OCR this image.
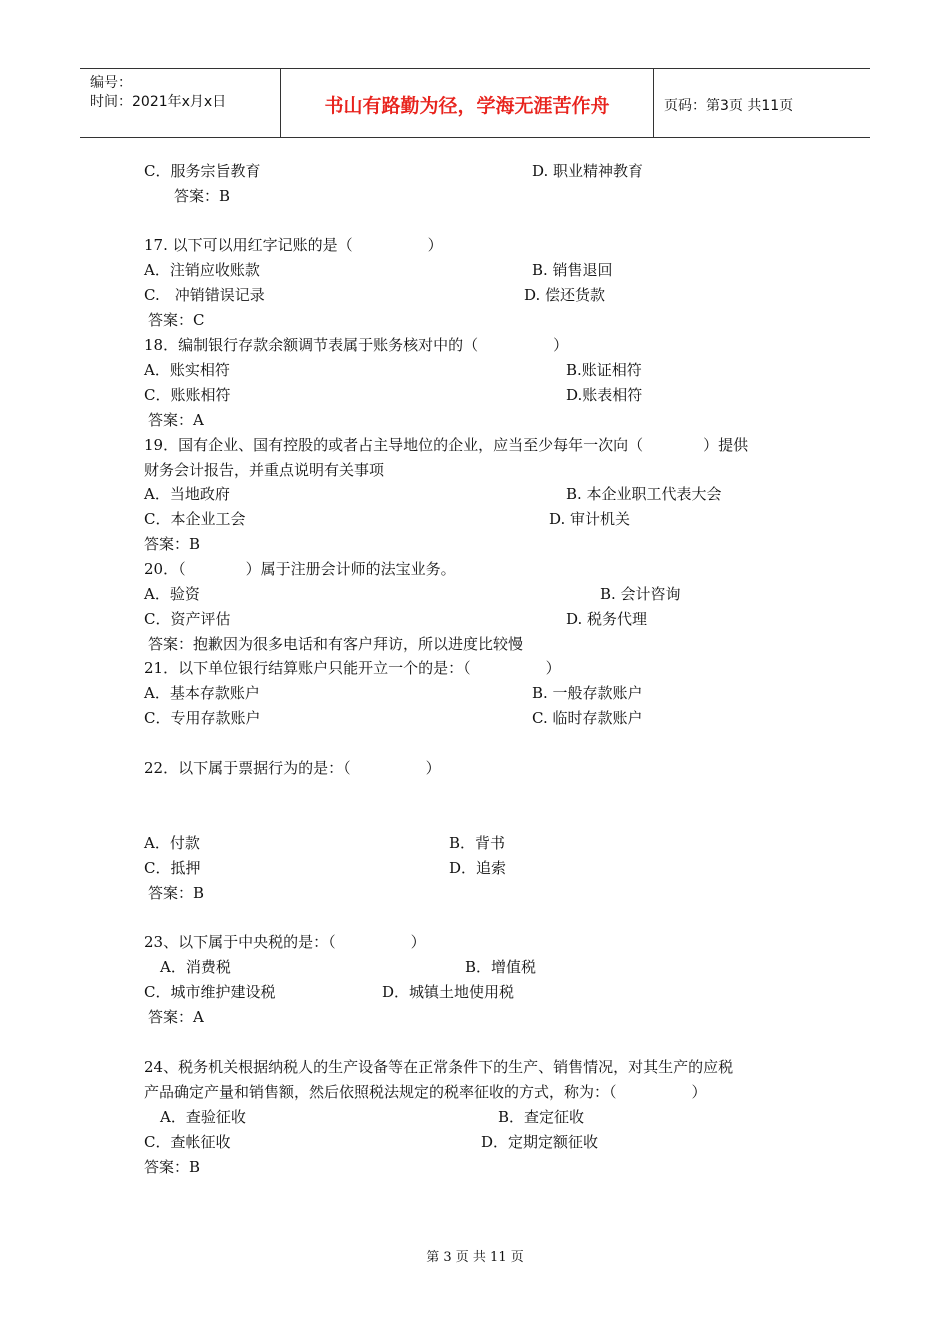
编号：
时间：2021年x月x日	书山有路勤为径，学海无涯苦作舟	页码：第3页 共11页
C．服务宗旨教育	D. 职业精神教育
答案：B
17. 以下可以用红字记账的是（　　　　　）
A．注销应收账款	B. 销售退回
C.　冲销错误记录	D. 偿还货款
答案：C
18．编制银行存款余额调节表属于账务核对中的（　　　　　）
A．账实相符	B.账证相符
C．账账相符	D.账表相符
答案：A
19．国有企业、国有控股的或者占主导地位的企业，应当至少每年一次向（　　　　）提供
财务会计报告，并重点说明有关事项
A．当地政府	B. 本企业职工代表大会
C．本企业工会	D. 审计机关
答案：B
20．（　　　　）属于注册会计师的法宝业务。
A．验资	B. 会计咨询
C．资产评估	D. 税务代理
答案：抱歉因为很多电话和有客户拜访，所以进度比较慢
21．以下单位银行结算账户只能开立一个的是：（　　　　　）
A．基本存款账户	B. 一般存款账户
C．专用存款账户	C. 临时存款账户
22．以下属于票据行为的是：（　　　　　）
A．付款	B．背书
C．抵押	D．追索
答案：B
23、以下属于中央税的是：（　　　　　）
A．消费税	B．增值税
C．城市维护建设税	D．城镇土地使用税
答案：A
24、税务机关根据纳税人的生产设备等在正常条件下的生产、销售情况，对其生产的应税
产品确定产量和销售额，然后依照税法规定的税率征收的方式，称为：（　　　　　）
A．查验征收	B．查定征收
C．查帐征收	D．定期定额征收
答案：B
第 3 页 共 11 页
